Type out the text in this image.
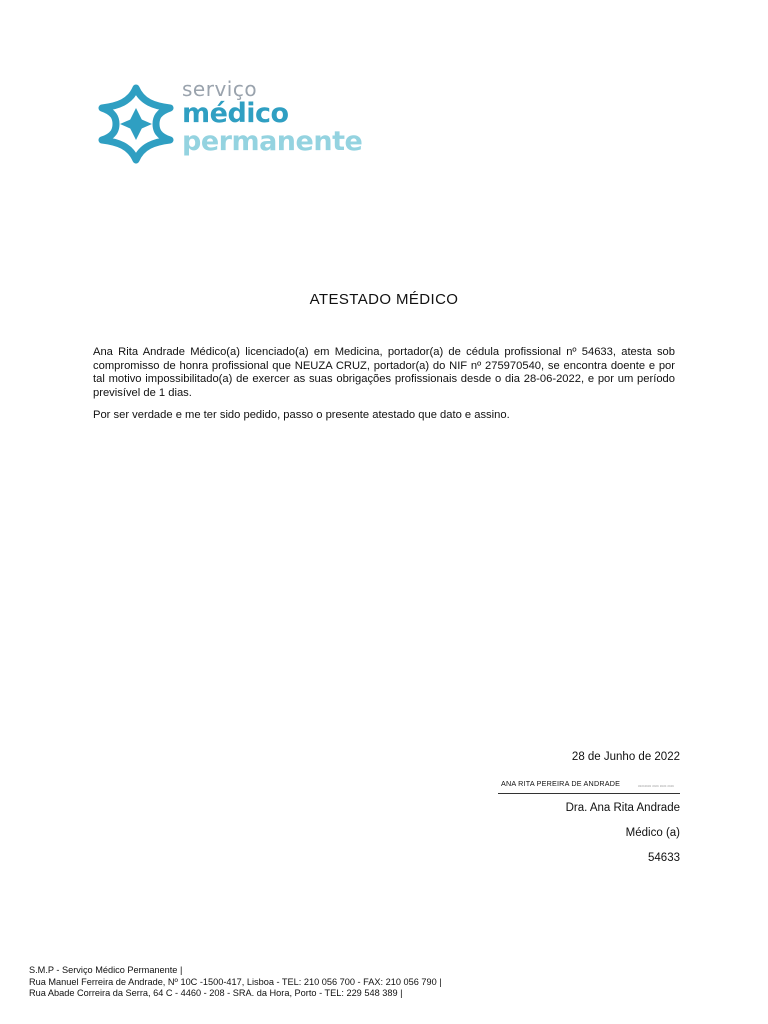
serviço
médico
permanente
ATESTADO MÉDICO
Ana Rita Andrade Médico(a) licenciado(a) em Medicina, portador(a) de cédula profissional nº 54633, atesta sob compromisso de honra profissional que NEUZA CRUZ, portador(a) do NIF nº 275970540, se encontra doente e por tal motivo impossibilitado(a) de exercer as suas obrigações profissionais desde o dia 28-06-2022, e por um período previsível de 1 dias.
Por ser verdade e me ter sido pedido, passo o presente atestado que dato e assino.
28 de Junho de 2022
ANA RITA PEREIRA DE ANDRADE	▭▭▭▭ ▭▭ ▭▭ ▭▭
Dra. Ana Rita Andrade
Médico (a)
54633
S.M.P - Serviço Médico Permanente |
Rua Manuel Ferreira de Andrade, Nº 10C -1500-417, Lisboa - TEL: 210 056 700 - FAX: 210 056 790 |
Rua Abade Correira da Serra, 64 C - 4460 - 208 - SRA. da Hora, Porto - TEL: 229 548 389 |
